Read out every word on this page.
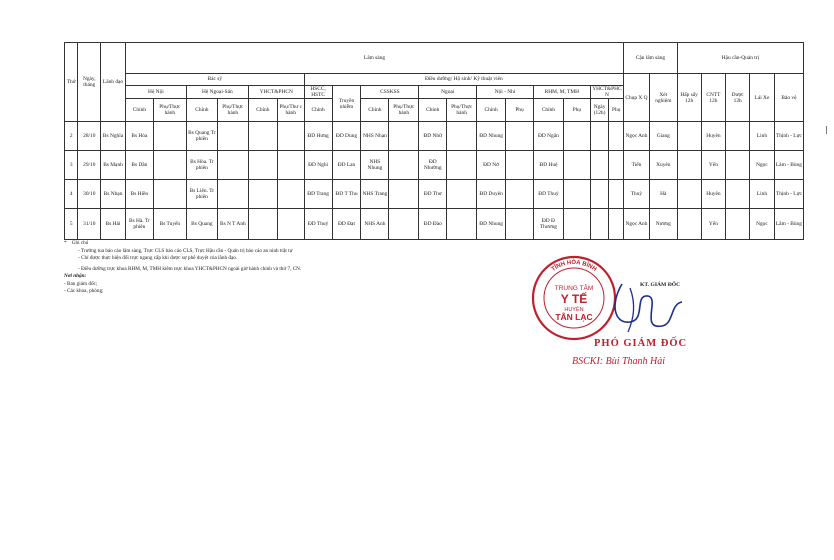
Thứ	Ngày, tháng	Lãnh đạo	Lâm sàng																		Cận lâm sàng		Hậu cần-Quản trị				
			Bác sỹ						Điều dưỡng/ Hộ sinh/ Kỹ thuật viên												Chụp X Q	Xét nghiệm	Hấp sấy 12h	CNTT 12h	Dược 12h	Lái Xe	Bảo vệ
			Hệ Nội		Hệ Ngoại-Sản		YHCT&PHCN		HSCC, HSTC	Truyền nhiễm	CSSKSS		Ngoại		Nội - Nhi		RHM, M, TMH		YHCT&PHC N								

			Chính	Phụ/Thực hành	Chính	Phụ/Thực hành	Chính	Phụ/Thư c hành	Chính		Chính	Phụ/Thực hành	Chính	Phụ/Thực hành	Chính	Phụ	Chính	Phụ	Ngày (12h)	Phụ							
2	28/10	Bs Nghĩa	Bs Hòa		Bs Quang Tr phiên				ĐD Hưng	ĐD Dung	NHS Nhạn		ĐD Nhữ		ĐD Nhung		ĐD Ngân				Ngọc Anh	Giang		Huyên		Linh	Thịnh - Lực
3	29/10	Bs Mạnh	Bs Dần		Bs Hòa. Tr phiên				ĐD Nghi	ĐD Lan	NHS Nhung		ĐD Nhường		ĐD Nở		ĐD Huệ				Tiến	Xuyên		Yến		Ngọc	Lâm - Bùng
4	30/10	Bs Nhạn	Bs Hiền		Bs Liên. Tr phiên				ĐD Trang	ĐD T Thu	NHS Trang		ĐD Thư		ĐD Duyên		ĐD Thuỷ				Thuỳ	Hà		Huyên		Linh	Thịnh - Lực
5	31/10	Bs Hải	Bs Hà. Tr phiên	Bs Tuyến	Bs Quang	Bs N T Anh			ĐD Thuỷ	ĐD Đạt	NHS Anh		ĐD Đào		ĐD Nhung		ĐD Đ Thương				Ngọc Anh	Nương		Yến		Ngọc	Lâm - Bùng
* Ghi chú
- Trưởng tua báo cáo lâm sàng, Trực CLS báo cáo CLS, Trực Hậu cần - Quản trị báo cáo an ninh trật tự
- Chỉ được thực hiện đổi trực ngang cấp khi được sự phê duyệt của lãnh đạo.
- Điều dưỡng trực khoa RHM, M, TMH kiêm trực khoa YHCT&PHCN ngoài giờ hành chính và thứ 7, CN.
Nơi nhận:
- Ban giám đốc;
- Các khoa, phòng;
TỈNH HÒA BÌNH
TRUNG TÂM
Y TẾ
HUYỆN
TÂN LẠC
KT. GIÁM ĐỐC
PHÓ GIÁM ĐỐC
BSCKI: Bùi Thanh Hải
